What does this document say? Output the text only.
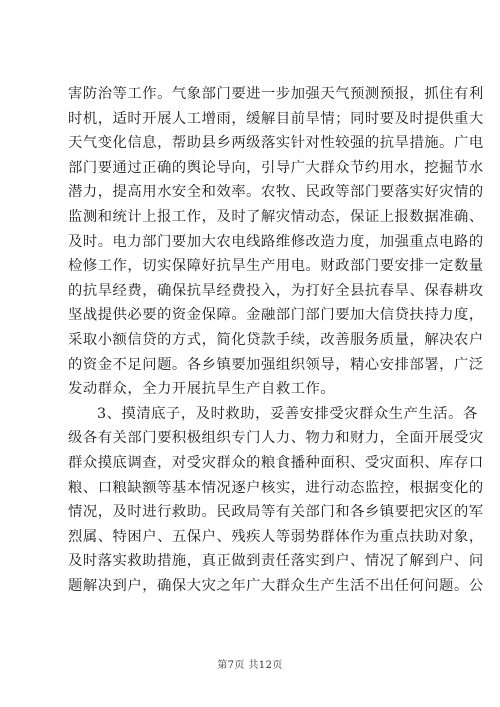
害防治等工作。气象部门要进一步加强天气预测预报，抓住有利

时机，适时开展人工增雨，缓解目前旱情；同时要及时提供重大

天气变化信息，帮助县乡两级落实针对性较强的抗旱措施。广电

部门要通过正确的舆论导向，引导广大群众节约用水，挖掘节水

潜力，提高用水安全和效率。农牧、民政等部门要落实好灾情的

监测和统计上报工作，及时了解灾情动态，保证上报数据准确、

及时。电力部门要加大农电线路维修改造力度，加强重点电路的

检修工作，切实保障好抗旱生产用电。财政部门要安排一定数量

的抗旱经费，确保抗旱经费投入，为打好全县抗春旱、保春耕攻

坚战提供必要的资金保障。金融部门部门要加大信贷扶持力度，

采取小额信贷的方式，简化贷款手续，改善服务质量，解决农户

的资金不足问题。各乡镇要加强组织领导，精心安排部署，广泛

发动群众，全力开展抗旱生产自救工作。

3、摸清底子，及时救助，妥善安排受灾群众生产生活。各

级各有关部门要积极组织专门人力、物力和财力，全面开展受灾

群众摸底调查，对受灾群众的粮食播种面积、受灾面积、库存口

粮、口粮缺额等基本情况逐户核实，进行动态监控，根据变化的

情况，及时进行救助。民政局等有关部门和各乡镇要把灾区的军

烈属、特困户、五保户、残疾人等弱势群体作为重点扶助对象，

及时落实救助措施，真正做到责任落实到户、情况了解到户、问

题解决到户，确保大灾之年广大群众生产生活不出任何问题。公

第7页 共12页
